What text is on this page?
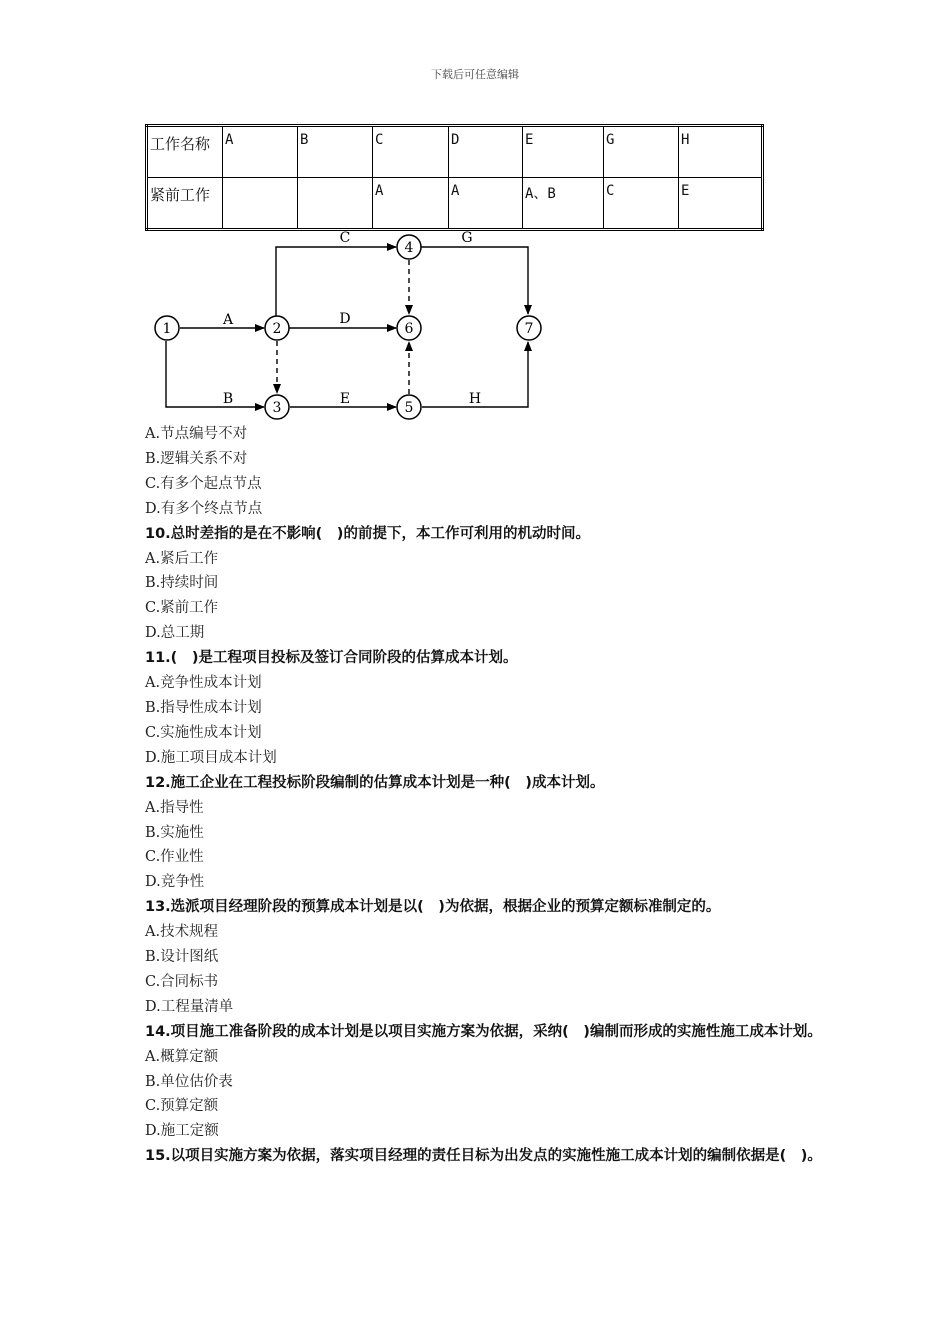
下载后可任意编辑
工作名称	A	B	C	D	E	G	H
紧前工作			A	A	A、B	C	E
1	2
3
4
5
6	7
A
B
C
D
E
G
H
A.节点编号不对
B.逻辑关系不对
C.有多个起点节点
D.有多个终点节点
10.总时差指的是在不影响(　)的前提下，本工作可利用的机动时间。
A.紧后工作
B.持续时间
C.紧前工作
D.总工期
11.(　)是工程项目投标及签订合同阶段的估算成本计划。
A.竞争性成本计划
B.指导性成本计划
C.实施性成本计划
D.施工项目成本计划
12.施工企业在工程投标阶段编制的估算成本计划是一种(　)成本计划。
A.指导性
B.实施性
C.作业性
D.竞争性
13.选派项目经理阶段的预算成本计划是以(　)为依据，根据企业的预算定额标准制定的。
A.技术规程
B.设计图纸
C.合同标书
D.工程量清单
14.项目施工准备阶段的成本计划是以项目实施方案为依据，采纳(　)编制而形成的实施性施工成本计划。
A.概算定额
B.单位估价表
C.预算定额
D.施工定额
15.以项目实施方案为依据，落实项目经理的责任目标为出发点的实施性施工成本计划的编制依据是(　)。
